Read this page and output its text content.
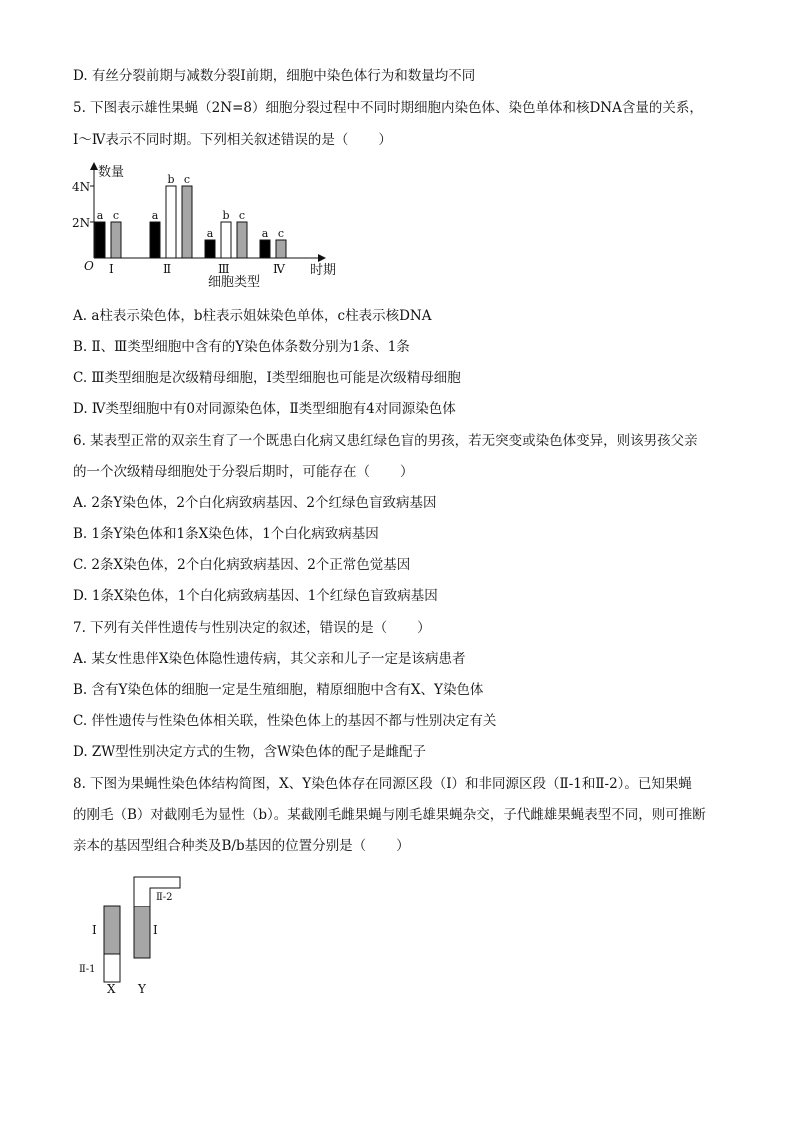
D. 有丝分裂前期与减数分裂Ⅰ前期，细胞中染色体行为和数量均不同
5. 下图表示雄性果蝇（2N=8）细胞分裂过程中不同时期细胞内染色体、染色单体和核DNA含量的关系，
Ⅰ～Ⅳ表示不同时期。下列相关叙述错误的是（ ）
a c	a
b c
a
b c
a c
数量
时期
O
2N
4N
Ⅰ	Ⅱ	Ⅲ	Ⅳ
细胞类型
A. a柱表示染色体，b柱表示姐妹染色单体，c柱表示核DNA
B. Ⅱ、Ⅲ类型细胞中含有的Y染色体条数分别为1条、1条
C. Ⅲ类型细胞是次级精母细胞，Ⅰ类型细胞也可能是次级精母细胞
D. Ⅳ类型细胞中有0对同源染色体，Ⅱ类型细胞有4对同源染色体
6. 某表型正常的双亲生育了一个既患白化病又患红绿色盲的男孩，若无突变或染色体变异，则该男孩父亲
的一个次级精母细胞处于分裂后期时，可能存在（ ）
A. 2条Y染色体，2个白化病致病基因、2个红绿色盲致病基因
B. 1条Y染色体和1条X染色体，1个白化病致病基因
C. 2条X染色体，2个白化病致病基因、2个正常色觉基因
D. 1条X染色体，1个白化病致病基因、1个红绿色盲致病基因
7. 下列有关伴性遗传与性别决定的叙述，错误的是（ ）
A. 某女性患伴X染色体隐性遗传病，其父亲和儿子一定是该病患者
B. 含有Y染色体的细胞一定是生殖细胞，精原细胞中含有X、Y染色体
C. 伴性遗传与性染色体相关联，性染色体上的基因不都与性别决定有关
D. ZW型性别决定方式的生物，含W染色体的配子是雌配子
8. 下图为果蝇性染色体结构简图，X、Y染色体存在同源区段（Ⅰ）和非同源区段（Ⅱ-1和Ⅱ-2）。已知果蝇
的刚毛（B）对截刚毛为显性（b）。某截刚毛雌果蝇与刚毛雄果蝇杂交，子代雌雄果蝇表型不同，则可推断
亲本的基因型组合种类及B/b基因的位置分别是（ ）
Ⅰ
Ⅱ-1
Ⅰ
Ⅱ-2
X Y
